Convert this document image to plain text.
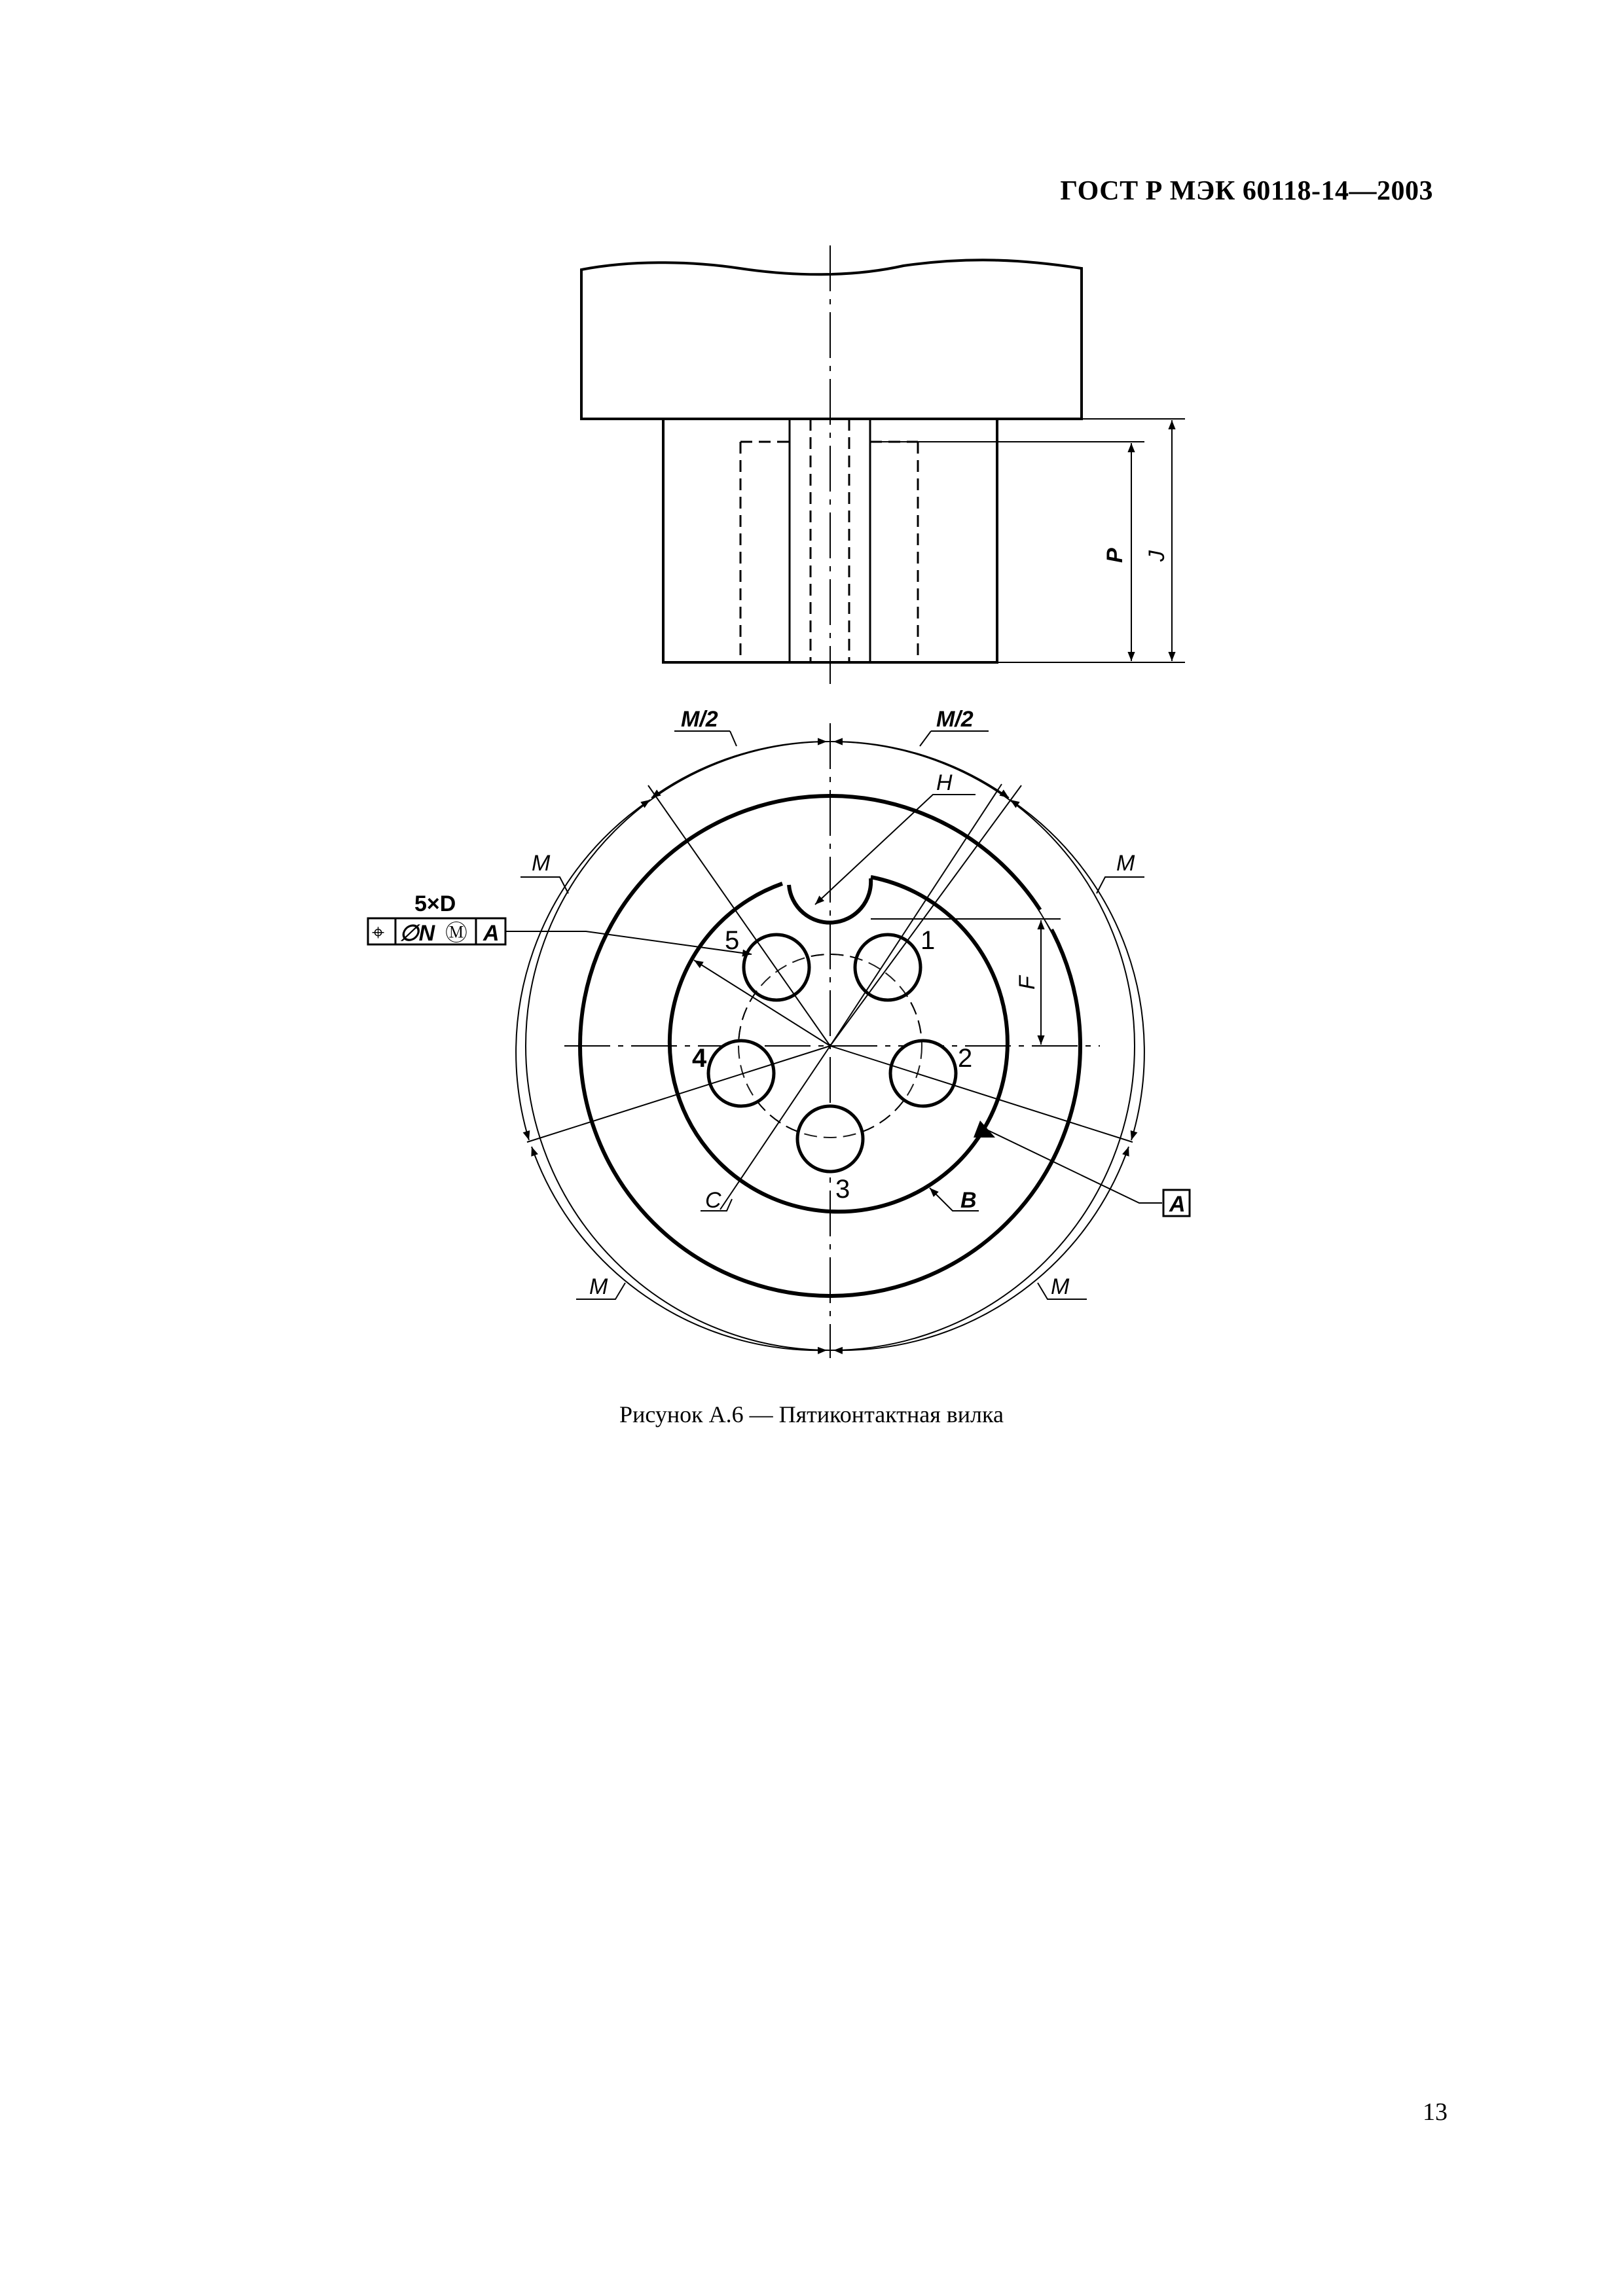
ГОСТ Р МЭК 60118-14—2003
P J
M/2	M/2
M	M
M	M
H
F
C	B	A
5×D
⌖ ∅N Ⓜ A	1
2
3
4
5
Рисунок А.6 — Пятиконтактная вилка
13
